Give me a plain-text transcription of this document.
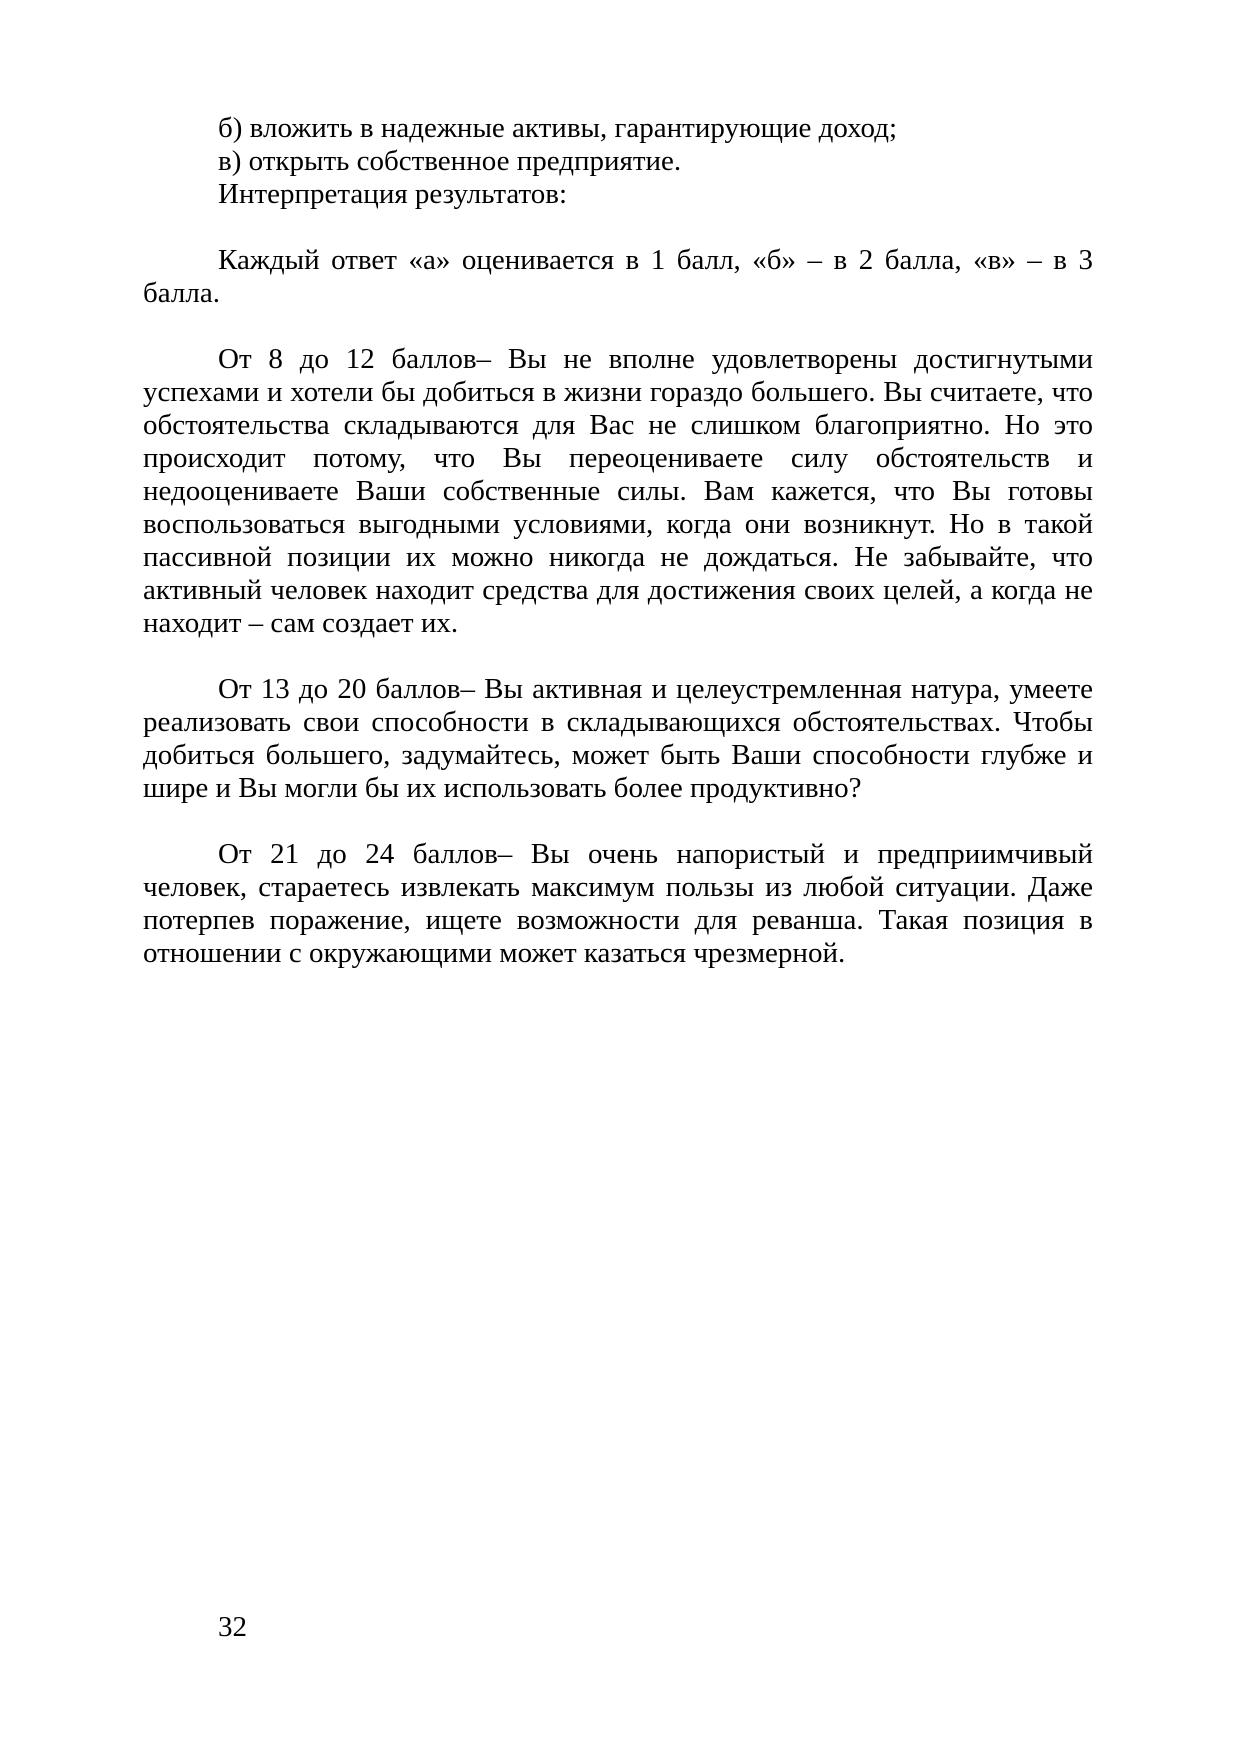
б) вложить в надежные активы, гарантирующие доход;

в) открыть собственное предприятие.

Интерпретация результатов:

Каждый ответ «а» оценивается в 1 балл, «б» – в 2 балла, «в» – в 3 балла.

От 8 до 12 баллов– Вы не вполне удовлетворены достигнутыми успехами и хотели бы добиться в жизни гораздо большего. Вы считаете, что обстоятельства складываются для Вас не слишком благоприятно. Но это происходит потому, что Вы переоцениваете силу обстоятельств и недооцениваете Ваши собственные силы. Вам кажется, что Вы готовы воспользоваться выгодными условиями, когда они возникнут. Но в такой пассивной позиции их можно никогда не дождаться. Не забывайте, что активный человек находит средства для достижения своих целей, а когда не находит – сам создает их.

От 13 до 20 баллов– Вы активная и целеустремленная натура, умеете реализовать свои способности в складывающихся обстоятельствах. Чтобы добиться большего, задумайтесь, может быть Ваши способности глубже и шире и Вы могли бы их использовать более продуктивно?

От 21 до 24 баллов– Вы очень напористый и предприимчивый человек, стараетесь извлекать максимум пользы из любой ситуации. Даже потерпев поражение, ищете возможности для реванша. Такая позиция в отношении с окружающими может казаться чрезмерной.

32
